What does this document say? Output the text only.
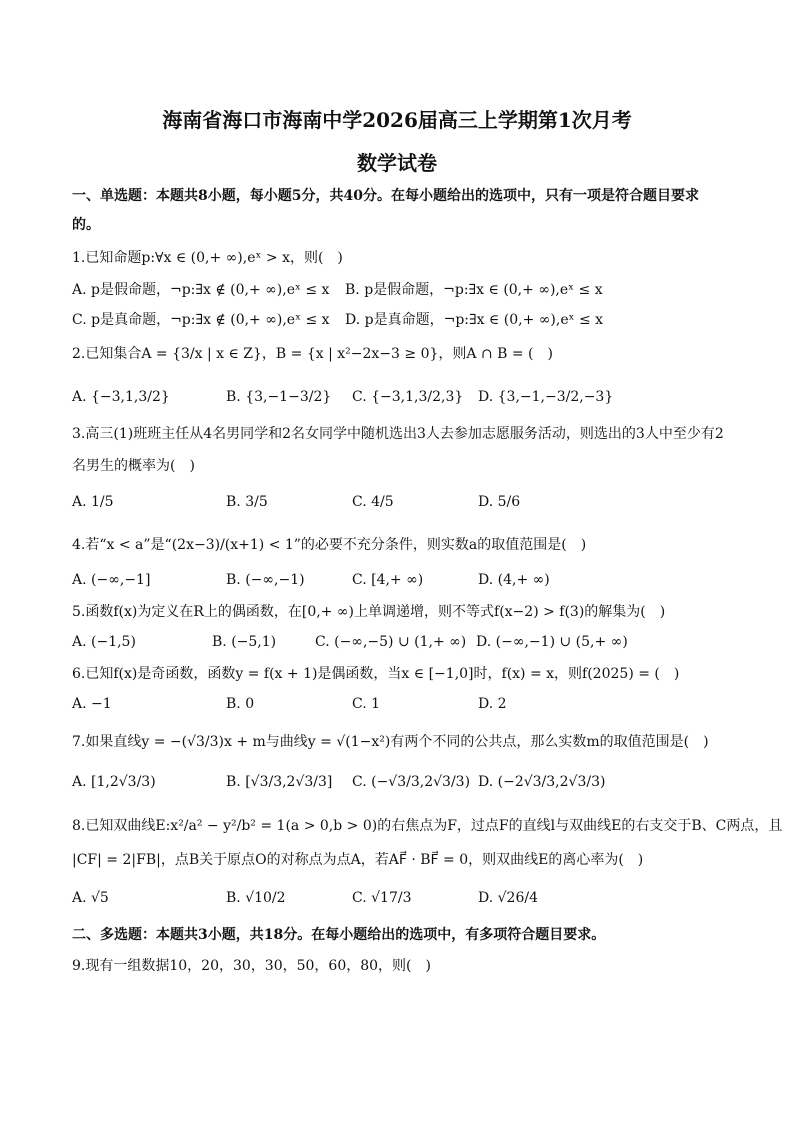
海南省海口市海南中学2026届高三上学期第1次月考
数学试卷
一、单选题：本题共8小题，每小题5分，共40分。在每小题给出的选项中，只有一项是符合题目要求
的。
1.已知命题p:∀x ∈ (0,+ ∞),eˣ > x，则(　)
A. p是假命题，¬p:∃x ∉ (0,+ ∞),eˣ ≤ x B. p是假命题，¬p:∃x ∈ (0,+ ∞),eˣ ≤ x
C. p是真命题，¬p:∃x ∉ (0,+ ∞),eˣ ≤ x D. p是真命题，¬p:∃x ∈ (0,+ ∞),eˣ ≤ x
2.已知集合A = {3/x | x ∈ Z}，B = {x | x²−2x−3 ≥ 0}，则A ∩ B = (　)
A. {−3,1,3/2}	B. {3,−1−3/2} C. {−3,1,3/2,3} D. {3,−1,−3/2,−3}
3.高三(1)班班主任从4名男同学和2名女同学中随机选出3人去参加志愿服务活动，则选出的3人中至少有2
名男生的概率为(　)
A. 1/5	B. 3/5	C. 4/5	D. 5/6
4.若“x < a”是“(2x−3)/(x+1) < 1”的必要不充分条件，则实数a的取值范围是(　)
A. (−∞,−1]	B. (−∞,−1)	C. [4,+ ∞)	D. (4,+ ∞)
5.函数f(x)为定义在R上的偶函数，在[0,+ ∞)上单调递增，则不等式f(x−2) > f(3)的解集为(　)
A. (−1,5)	B. (−5,1)	C. (−∞,−5) ∪ (1,+ ∞) D. (−∞,−1) ∪ (5,+ ∞)
6.已知f(x)是奇函数，函数y = f(x + 1)是偶函数，当x ∈ [−1,0]时，f(x) = x，则f(2025) = (　)
A. −1	B. 0	C. 1	D. 2
7.如果直线y = −(√3/3)x + m与曲线y = √(1−x²)有两个不同的公共点，那么实数m的取值范围是(　)
A. [1,2√3/3)	B. [√3/3,2√3/3] C. (−√3/3,2√3/3) D. (−2√3/3,2√3/3)
8.已知双曲线E:x²/a² − y²/b² = 1(a > 0,b > 0)的右焦点为F，过点F的直线l与双曲线E的右支交于B、C两点，且
|CF| = 2|FB|，点B关于原点O的对称点为点A，若AF⃗ · BF⃗ = 0，则双曲线E的离心率为(　)
A. √5	B. √10/2	C. √17/3	D. √26/4
二、多选题：本题共3小题，共18分。在每小题给出的选项中，有多项符合题目要求。
9.现有一组数据10，20，30，30，50，60，80，则(　)
